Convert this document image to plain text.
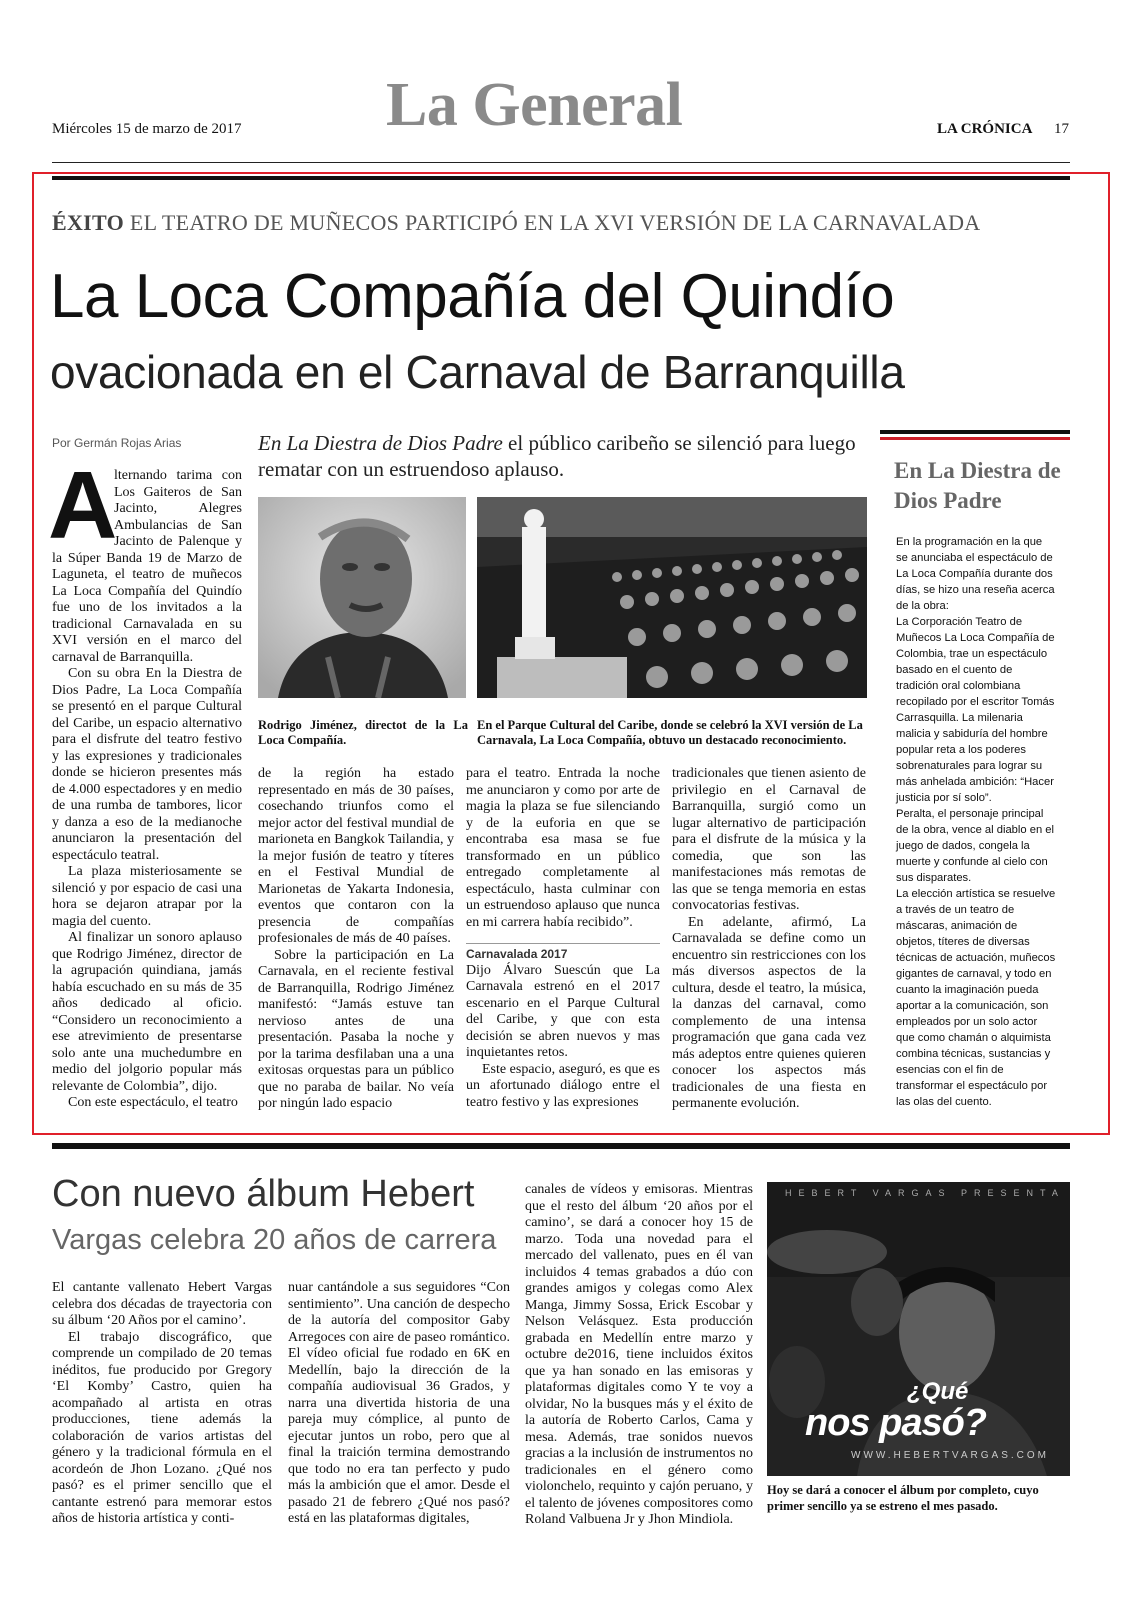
Miércoles 15 de marzo de 2017 La General	LA CRÓNICA 17
ÉXITO EL TEATRO DE MUÑECOS PARTICIPÓ EN LA XVI VERSIÓN DE LA CARNAVALADA
La Loca Compañía del Quindío
ovacionada en el Carnaval de Barranquilla
Por Germán Rojas Arias
A

lternando tarima con Los Gaiteros de San Jacinto, Alegres Ambulancias de San Jacinto de Palenque y la Súper Banda 19 de Marzo de Laguneta, el teatro de muñecos La Loca Compañía del Quindío fue uno de los invitados a la tradicional Carnavalada en su XVI versión en el marco del carnaval de Barranquilla.

Con su obra En la Diestra de Dios Padre, La Loca Compañía se presentó en el parque Cultural del Caribe, un espacio alternativo para el disfrute del teatro festivo y las expresiones y tradicionales donde se hicieron presentes más de 4.000 espectadores y en medio de una rumba de tambores, licor y danza a eso de la medianoche anunciaron la presentación del espectáculo teatral.

La plaza misteriosamente se silenció y por espacio de casi una hora se dejaron atrapar por la magia del cuento.

Al finalizar un sonoro aplauso que Rodrigo Jiménez, director de la agrupación quindiana, jamás había escuchado en su más de 35 años dedicado al oficio. “Considero un reconocimiento a ese atrevimiento de presentarse solo ante una muchedumbre en medio del jolgorio popular más relevante de Colombia”, dijo.

Con este espectáculo, el teatro

En La Diestra de Dios Padre el público caribeño se silenció para luego rematar con un estruendoso aplauso.
Rodrigo Jiménez, directot de la La Loca Compañía.
En el Parque Cultural del Caribe, donde se celebró la XVI versión de La Carnavala, La Loca Compañía, obtuvo un destacado reconocimiento.

de la región ha estado representado en más de 30 países, cosechando triunfos como el mejor actor del festival mundial de marioneta en Bangkok Tailandia, y la mejor fusión de teatro y títeres en el Festival Mundial de Marionetas de Yakarta Indonesia, eventos que contaron con la presencia de compañías profesionales de más de 40 países.

Sobre la participación en La Carnavala, en el reciente festival de Barranquilla, Rodrigo Jiménez manifestó: “Jamás estuve tan nervioso antes de una presentación. Pasaba la noche y por la tarima desfilaban una a una exitosas orquestas para un público que no paraba de bailar. No veía por ningún lado espacio

para el teatro. Entrada la noche me anunciaron y como por arte de magia la plaza se fue silenciando y de la euforia en que se encontraba esa masa se fue transformado en un público entregado completamente al espectáculo, hasta culminar con un estruendoso aplauso que nunca en mi carrera había recibido”.

Carnavalada 2017

Dijo Álvaro Suescún que La Carnavala estrenó en el 2017 escenario en el Parque Cultural del Caribe, y que con esta decisión se abren nuevos y mas inquietantes retos.

Este espacio, aseguró, es que es un afortunado diálogo entre el teatro festivo y las expresiones

tradicionales que tienen asiento de privilegio en el Carnaval de Barranquilla, surgió como un lugar alternativo de participación para el disfrute de la música y la comedia, que son las manifestaciones más remotas de las que se tenga memoria en estas convocatorias festivas.

En adelante, afirmó, La Carnavalada se define como un encuentro sin restricciones con los más diversos aspectos de la cultura, desde el teatro, la música, la danzas del carnaval, como complemento de una intensa programación que gana cada vez más adeptos entre quienes quieren conocer los aspectos más tradicionales de una fiesta en permanente evolución.

En La Diestra de Dios Padre

En la programación en la que se anunciaba el espectáculo de La Loca Compañía durante dos días, se hizo una reseña acerca de la obra:

La Corporación Teatro de Muñecos La Loca Compañía de Colombia, trae un espectáculo basado en el cuento de tradición oral colombiana recopilado por el escritor Tomás Carrasquilla. La milenaria malicia y sabiduría del hombre popular reta a los poderes sobrenaturales para lograr su más anhelada ambición: “Hacer justicia por sí solo”.

Peralta, el personaje principal de la obra, vence al diablo en el juego de dados, congela la muerte y confunde al cielo con sus disparates.

La elección artística se resuelve a través de un teatro de máscaras, animación de objetos, títeres de diversas técnicas de actuación, muñecos gigantes de carnaval, y todo en cuanto la imaginación pueda aportar a la comunicación, son empleados por un solo actor que como chamán o alquimista combina técnicas, sustancias y esencias con el fin de transformar el espectáculo por las olas del cuento.

Con nuevo álbum Hebert
Vargas celebra 20 años de carrera

El cantante vallenato Hebert Vargas celebra dos décadas de trayectoria con su álbum ‘20 Años por el camino’.

El trabajo discográfico, que comprende un compilado de 20 temas inéditos, fue producido por Gregory ‘El Komby’ Castro, quien ha acompañado al artista en otras producciones, tiene además la colaboración de varios artistas del género y la tradicional fórmula en el acordeón de Jhon Lozano. ¿Qué nos pasó? es el primer sencillo que el cantante estrenó para memorar estos años de historia artística y conti-

nuar cantándole a sus seguidores “Con sentimiento”. Una canción de despecho de la autoría del compositor Gaby Arregoces con aire de paseo romántico. El vídeo oficial fue rodado en 6K en Medellín, bajo la dirección de la compañía audiovisual 36 Grados, y narra una divertida historia de una pareja muy cómplice, al punto de ejecutar juntos un robo, pero que al final la traición termina demostrando que todo no era tan perfecto y pudo más la ambición que el amor. Desde el pasado 21 de febrero ¿Qué nos pasó? está en las plataformas digitales,

canales de vídeos y emisoras. Mientras que el resto del álbum ‘20 años por el camino’, se dará a conocer hoy 15 de marzo. Toda una novedad para el mercado del vallenato, pues en él van incluidos 4 temas grabados a dúo con grandes amigos y colegas como Alex Manga, Jimmy Sossa, Erick Escobar y Nelson Velásquez. Esta producción grabada en Medellín entre marzo y octubre de2016, tiene incluidos éxitos que ya han sonado en las emisoras y plataformas digitales como Y te voy a olvidar, No la busques más y el éxito de la autoría de Roberto Carlos, Cama y mesa. Además, trae sonidos nuevos gracias a la inclusión de instrumentos no tradicionales en el género como violonchelo, requinto y cajón peruano, y el talento de jóvenes compositores como Roland Valbuena Jr y Jhon Mindiola.

HEBERT VARGAS PRESENTA
¿Qué
nos pasó?
WWW.HEBERTVARGAS.COM
Hoy se dará a conocer el álbum por completo, cuyo primer sencillo ya se estreno el mes pasado.
